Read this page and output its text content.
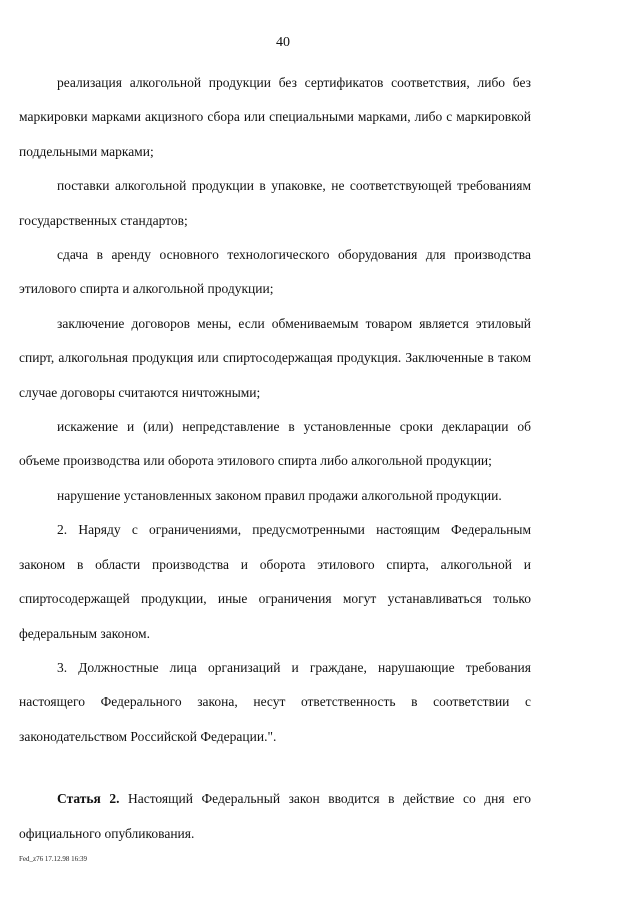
40

реализация алкогольной продукции без сертификатов соответствия, либо без маркировки марками акцизного сбора или специальными марками, либо с маркировкой поддельными марками;

поставки алкогольной продукции в упаковке, не соответствующей требованиям государственных стандартов;

сдача в аренду основного технологического оборудования для производства этилового спирта и алкогольной продукции;

заключение договоров мены, если обмениваемым товаром является этиловый спирт, алкогольная продукция или спиртосодержащая продукция. Заключенные в таком случае договоры считаются ничтожными;

искажение и (или) непредставление в установленные сроки декларации об объеме производства или оборота этилового спирта либо алкогольной продукции;

нарушение установленных законом правил продажи алкогольной продукции.

2. Наряду с ограничениями, предусмотренными настоящим Федеральным законом в области производства и оборота этилового спирта, алкогольной и спиртосодержащей продукции, иные ограничения могут устанавливаться только федеральным законом.

3. Должностные лица организаций и граждане, нарушающие требования настоящего Федерального закона, несут ответственность в соответствии с законодательством Российской Федерации.".

Статья 2. Настоящий Федеральный закон вводится в действие со дня его официального опубликования.

Fed_z76 17.12.98 16:39
